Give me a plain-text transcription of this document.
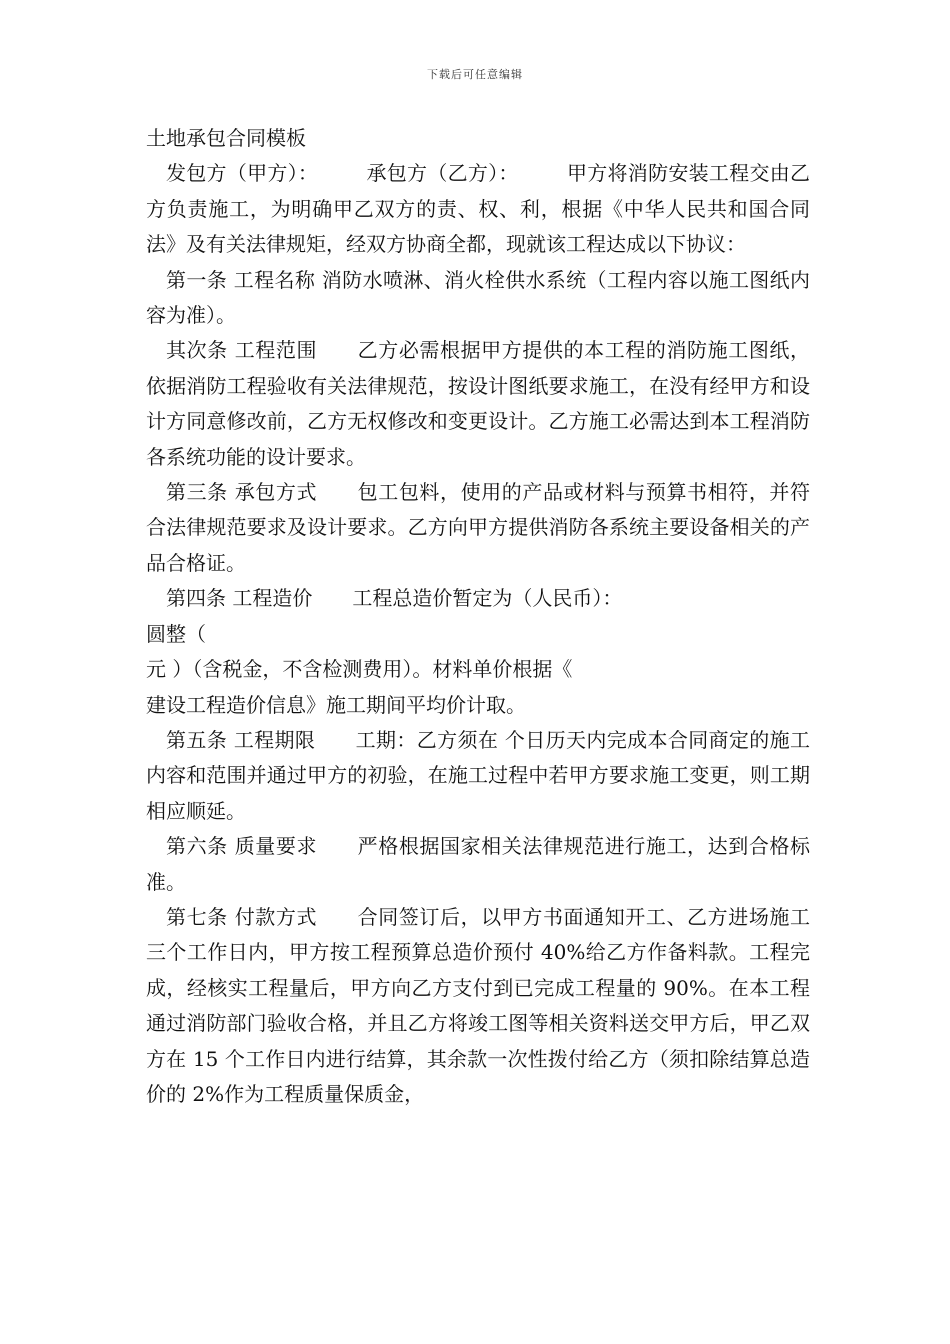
下载后可任意编辑

土地承包合同模板

发包方（甲方）： 承包方（乙方）： 甲方将消防安装工程交由乙方负责施工，为明确甲乙双方的责、权、利，根据《中华人民共和国合同法》及有关法律规矩，经双方协商全都，现就该工程达成以下协议：

第一条 工程名称 消防水喷淋、消火栓供水系统（工程内容以施工图纸内容为准）。

其次条 工程范围 乙方必需根据甲方提供的本工程的消防施工图纸，依据消防工程验收有关法律规范，按设计图纸要求施工，在没有经甲方和设计方同意修改前，乙方无权修改和变更设计。乙方施工必需达到本工程消防各系统功能的设计要求。

第三条 承包方式 包工包料，使用的产品或材料与预算书相符，并符合法律规范要求及设计要求。乙方向甲方提供消防各系统主要设备相关的产品合格证。

第四条 工程造价 工程总造价暂定为（人民币）：

圆整（

元 ）（含税金，不含检测费用）。材料单价根据《

建设工程造价信息》施工期间平均价计取。

第五条 工程期限 工期：乙方须在 个日历天内完成本合同商定的施工内容和范围并通过甲方的初验，在施工过程中若甲方要求施工变更，则工期相应顺延。

第六条 质量要求 严格根据国家相关法律规范进行施工，达到合格标准。

第七条 付款方式 合同签订后，以甲方书面通知开工、乙方进场施工三个工作日内，甲方按工程预算总造价预付 40%给乙方作备料款。工程完成，经核实工程量后，甲方向乙方支付到已完成工程量的 90%。在本工程通过消防部门验收合格，并且乙方将竣工图等相关资料送交甲方后，甲乙双方在 15 个工作日内进行结算，其余款一次性拨付给乙方（须扣除结算总造价的 2%作为工程质量保质金，
